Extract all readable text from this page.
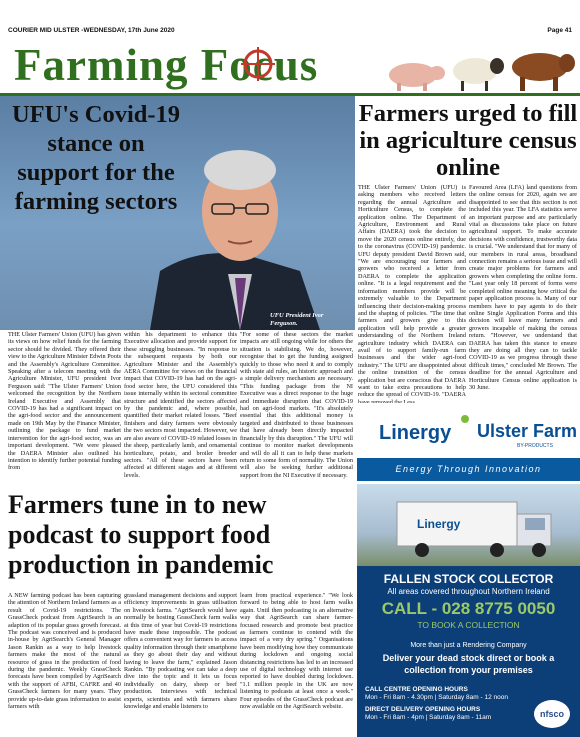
COURIER MID ULSTER -WEDNESDAY, 17th June 2020	Page 41
Farming Focus
UFU's Covid-19 stance on support for the farming sectors
UFU President Ivor Ferguson.
THE Ulster Farmers' Union (UFU) has given its views on how relief funds for the farming sector should be divided. They offered their view to the Agriculture Minister Edwin Poots and the Assembly's Agriculture Committee. Speaking after a telecom meeting with the Agriculture Minister, UFU president Ivor Ferguson said: "The Ulster Farmers' Union welcomed the recognition by the Northern Ireland Executive and Assembly that COVID-19 has had a significant impact on the agri-food sector and the announcement made on 19th May by the Finance Minister, outlining the package to fund market intervention for the agri-food sector, was an important development. "We were pleased the DAERA Minister also outlined his intention to identify further potential funding from
within his department to enhance this Executive allocation and provide support for these struggling businesses. "In response to the subsequent requests by both our Agriculture Minister and the Assembly's AERA Committee for views on the financial impact that COVID-19 has had on the agri-food sector here, the UFU considered this issue internally within its sectoral committee structure and identified the sectors affected by the pandemic and, where possible, quantified their market related losses. "Beef finishers and dairy farmers were obviously the two sectors most impacted. However, we are also aware of COVID-19 related losses in the sheep, particularly lamb, and ornamental horticulture, potato, and broiler breeder sectors. "All of these sectors have been affected at different stages and at different levels.
"For some of these sectors the market impacts are still ongoing while for others the situation is stabilising. We do, however, recognise that to get the funding assigned quickly to those who need it and to comply with state aid rules, an historic approach and a simple delivery mechanism are necessary. "This funding package from the NI Executive was a direct response to the huge and immediate disruption that COVID-19 had on agri-food markets. "It's absolutely essential that this additional money is targeted and distributed to those businesses that have already been directly impacted financially by this disruption." The UFU will continue to monitor market developments and will do all it can to help these markets return to some form of normality. The Union will also be seeking further additional support from the NI Executive if necessary.
Farmers urged to fill in agriculture census online
THE Ulster Farmers' Union (UFU) is asking members who received letters regarding the annual Agriculture and Horticulture Census, to complete the application online. The Department of Agriculture, Environment and Rural Affairs (DAERA) took the decision to move the 2020 census online entirely, due to the coronavirus (COVID-19) pandemic. UFU deputy president David Brown said, "We are encouraging our farmers and growers who received a letter from DAERA to complete the application online. "It is a legal requirement and the information members provide will be extremely valuable to the Department influencing their decision-making process and the shaping of policies. "The time that farmers and growers give to this application will help provide a greater understanding of the Northern Ireland agriculture industry which DAERA can avail of to support family-run farm businesses and the wider agri-food industry." The UFU are disappointed about the online transition of the census application but are conscious that DAERA want to take extra precautions to help reduce the spread of COVID-19. "DAERA
Favoured Area (LFA) land questions from the online census for 2020, again we are disappointed to see that this section is not included this year. The LFA statistics serve an important purpose and are particularly vital as discussions take place on future agricultural support. To make accurate decisions with confidence, trustworthy data is crucial. "We understand that for many of our members in rural areas, broadband connection remains a serious issue and will create major problems for farmers and growers when completing the online form. "Last year only 18 percent of forms were completed online meaning how critical the paper application process is. Many of our members have to pay agents to do their online Single Application Forms and this decision will leave many farmers and growers incapable of making the census return. "However, we understand that DAERA has taken this stance to ensure they are doing all they can to tackle COVID-19 as we progress through these difficult times," concluded Mr Brown. The deadline for the annual Agriculture and Horticulture Census online application is 30 June.
Linergy Ulster Farm
BY-PRODUCTS
Energy Through Innovation
Farmers tune in to new podcast to support food production in pandemic
A NEW farming podcast has been capturing the attention of Northern Ireland farmers as a result of Covid-19 restrictions. The GrassCheck podcast from AgriSearch is an adaption of its popular grass growth forecast. The podcast was conceived and is produced in-house by AgriSearch's General Manager Jason Rankin as a way to help livestock farmers make the most of the natural resource of grass in the production of food during the pandemic. Weekly GrassCheck forecasts have been compiled by AgriSearch with the support of AFBI, CAFRE and 40 GrassCheck farmers for many years. They provide up-to-date grass information to assist farmers with
grassland management decisions and support efficiency improvements in grass utilisation on livestock farms. "AgriSearch would have normally be hosting GrassCheck farm walks at this time of year but Covid-19 restrictions have made these impossible. The podcast offers a convenient way for farmers to access quality information through their smartphone as they go about their day and without having to leave the farm," explained Jason Rankin. "By podcasting we can take a deep dive into the topic and it lets us focus individually on dairy, sheep or beef production. Interviews with technical experts, scientists and with farmers share knowledge and enable listeners to
learn from practical experience." "We look forward to being able to host farm walks again. Until then podcasting is an alternative way that AgriSearch can share farmer-focused research and promote best practice as farmers continue to contend with the impact of a very dry spring." Organisations have been modifying how they communicate during lockdown and ongoing social distancing restrictions has led to an increased use of digital technology with internet use reported to have doubled during lockdown. "1.1 million people in the UK are now listening to podcasts at least once a week." Four episodes of the GrassCheck podcast are now available on the AgriSearch website.
Linergy
FALLEN STOCK COLLECTOR
All areas covered throughout Northern Ireland
CALL - 028 8775 0050
TO BOOK A COLLECTION
More than just a Rendering Company
Deliver your dead stock direct or book a collection from your premises
CALL CENTRE OPENING HOURS
Mon - Fri 8am - 4.30pm | Saturday 8am - 12 noon
DIRECT DELIVERY OPENING HOURS
Mon - Fri 8am - 4pm | Saturday 8am - 11am	nfsco
